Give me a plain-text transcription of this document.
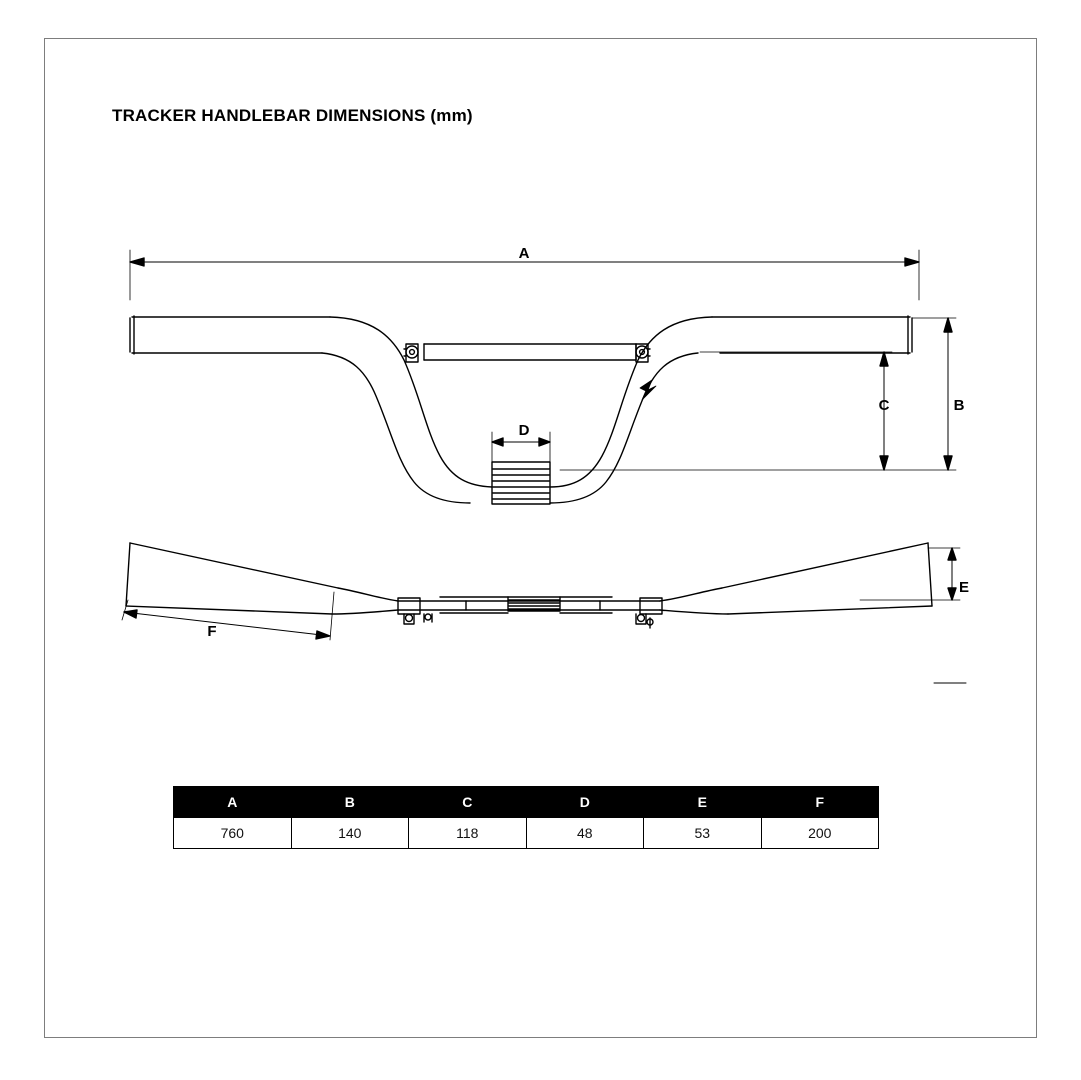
TRACKER HANDLEBAR DIMENSIONS (mm)
A
B
C
D
E
F
A	B	C	D	E	F
760	140	118	48	53	200
